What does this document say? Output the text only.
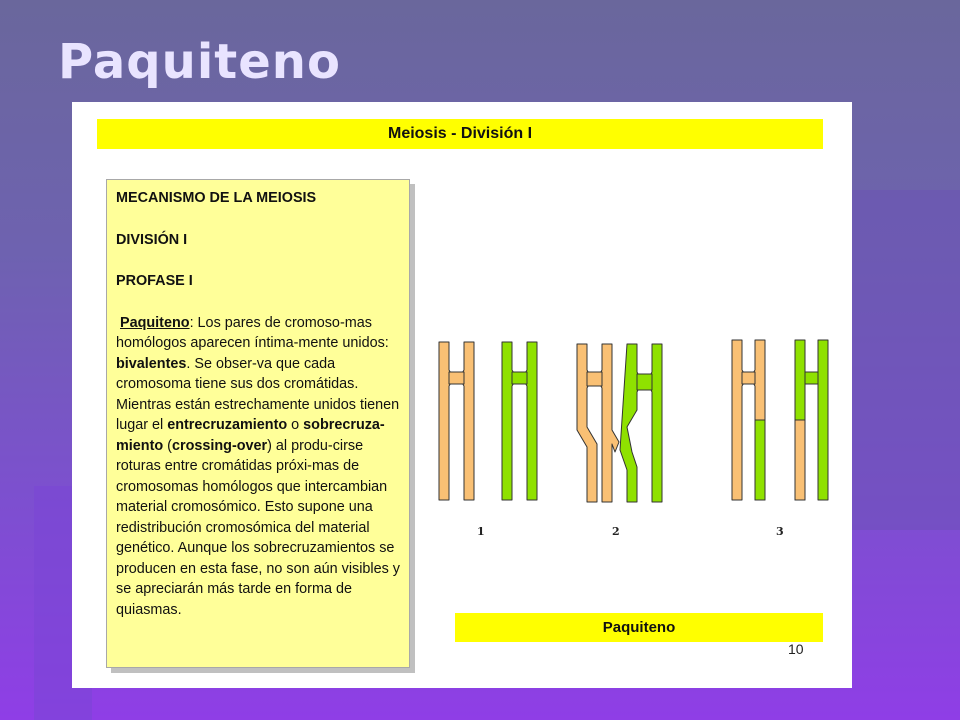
Paquiteno
Meiosis - División I

MECANISMO DE LA MEIOSIS

DIVISIÓN I

PROFASE I

Paquiteno: Los pares de cromoso-mas homólogos aparecen íntima-mente unidos: bivalentes. Se obser-va que cada cromosoma tiene sus dos cromátidas. Mientras están estrechamente unidos tienen lugar el entrecruzamiento o sobrecruza-miento (crossing-over) al produ-cirse roturas entre cromátidas próxi-mas de cromosomas homólogos que intercambian material cromosómico. Esto supone una redistribución cromosómica del material genético. Aunque los sobrecruzamientos se producen en esta fase, no son aún visibles y se apreciarán más tarde en forma de quiasmas.

1	2	3
Paquiteno
10
